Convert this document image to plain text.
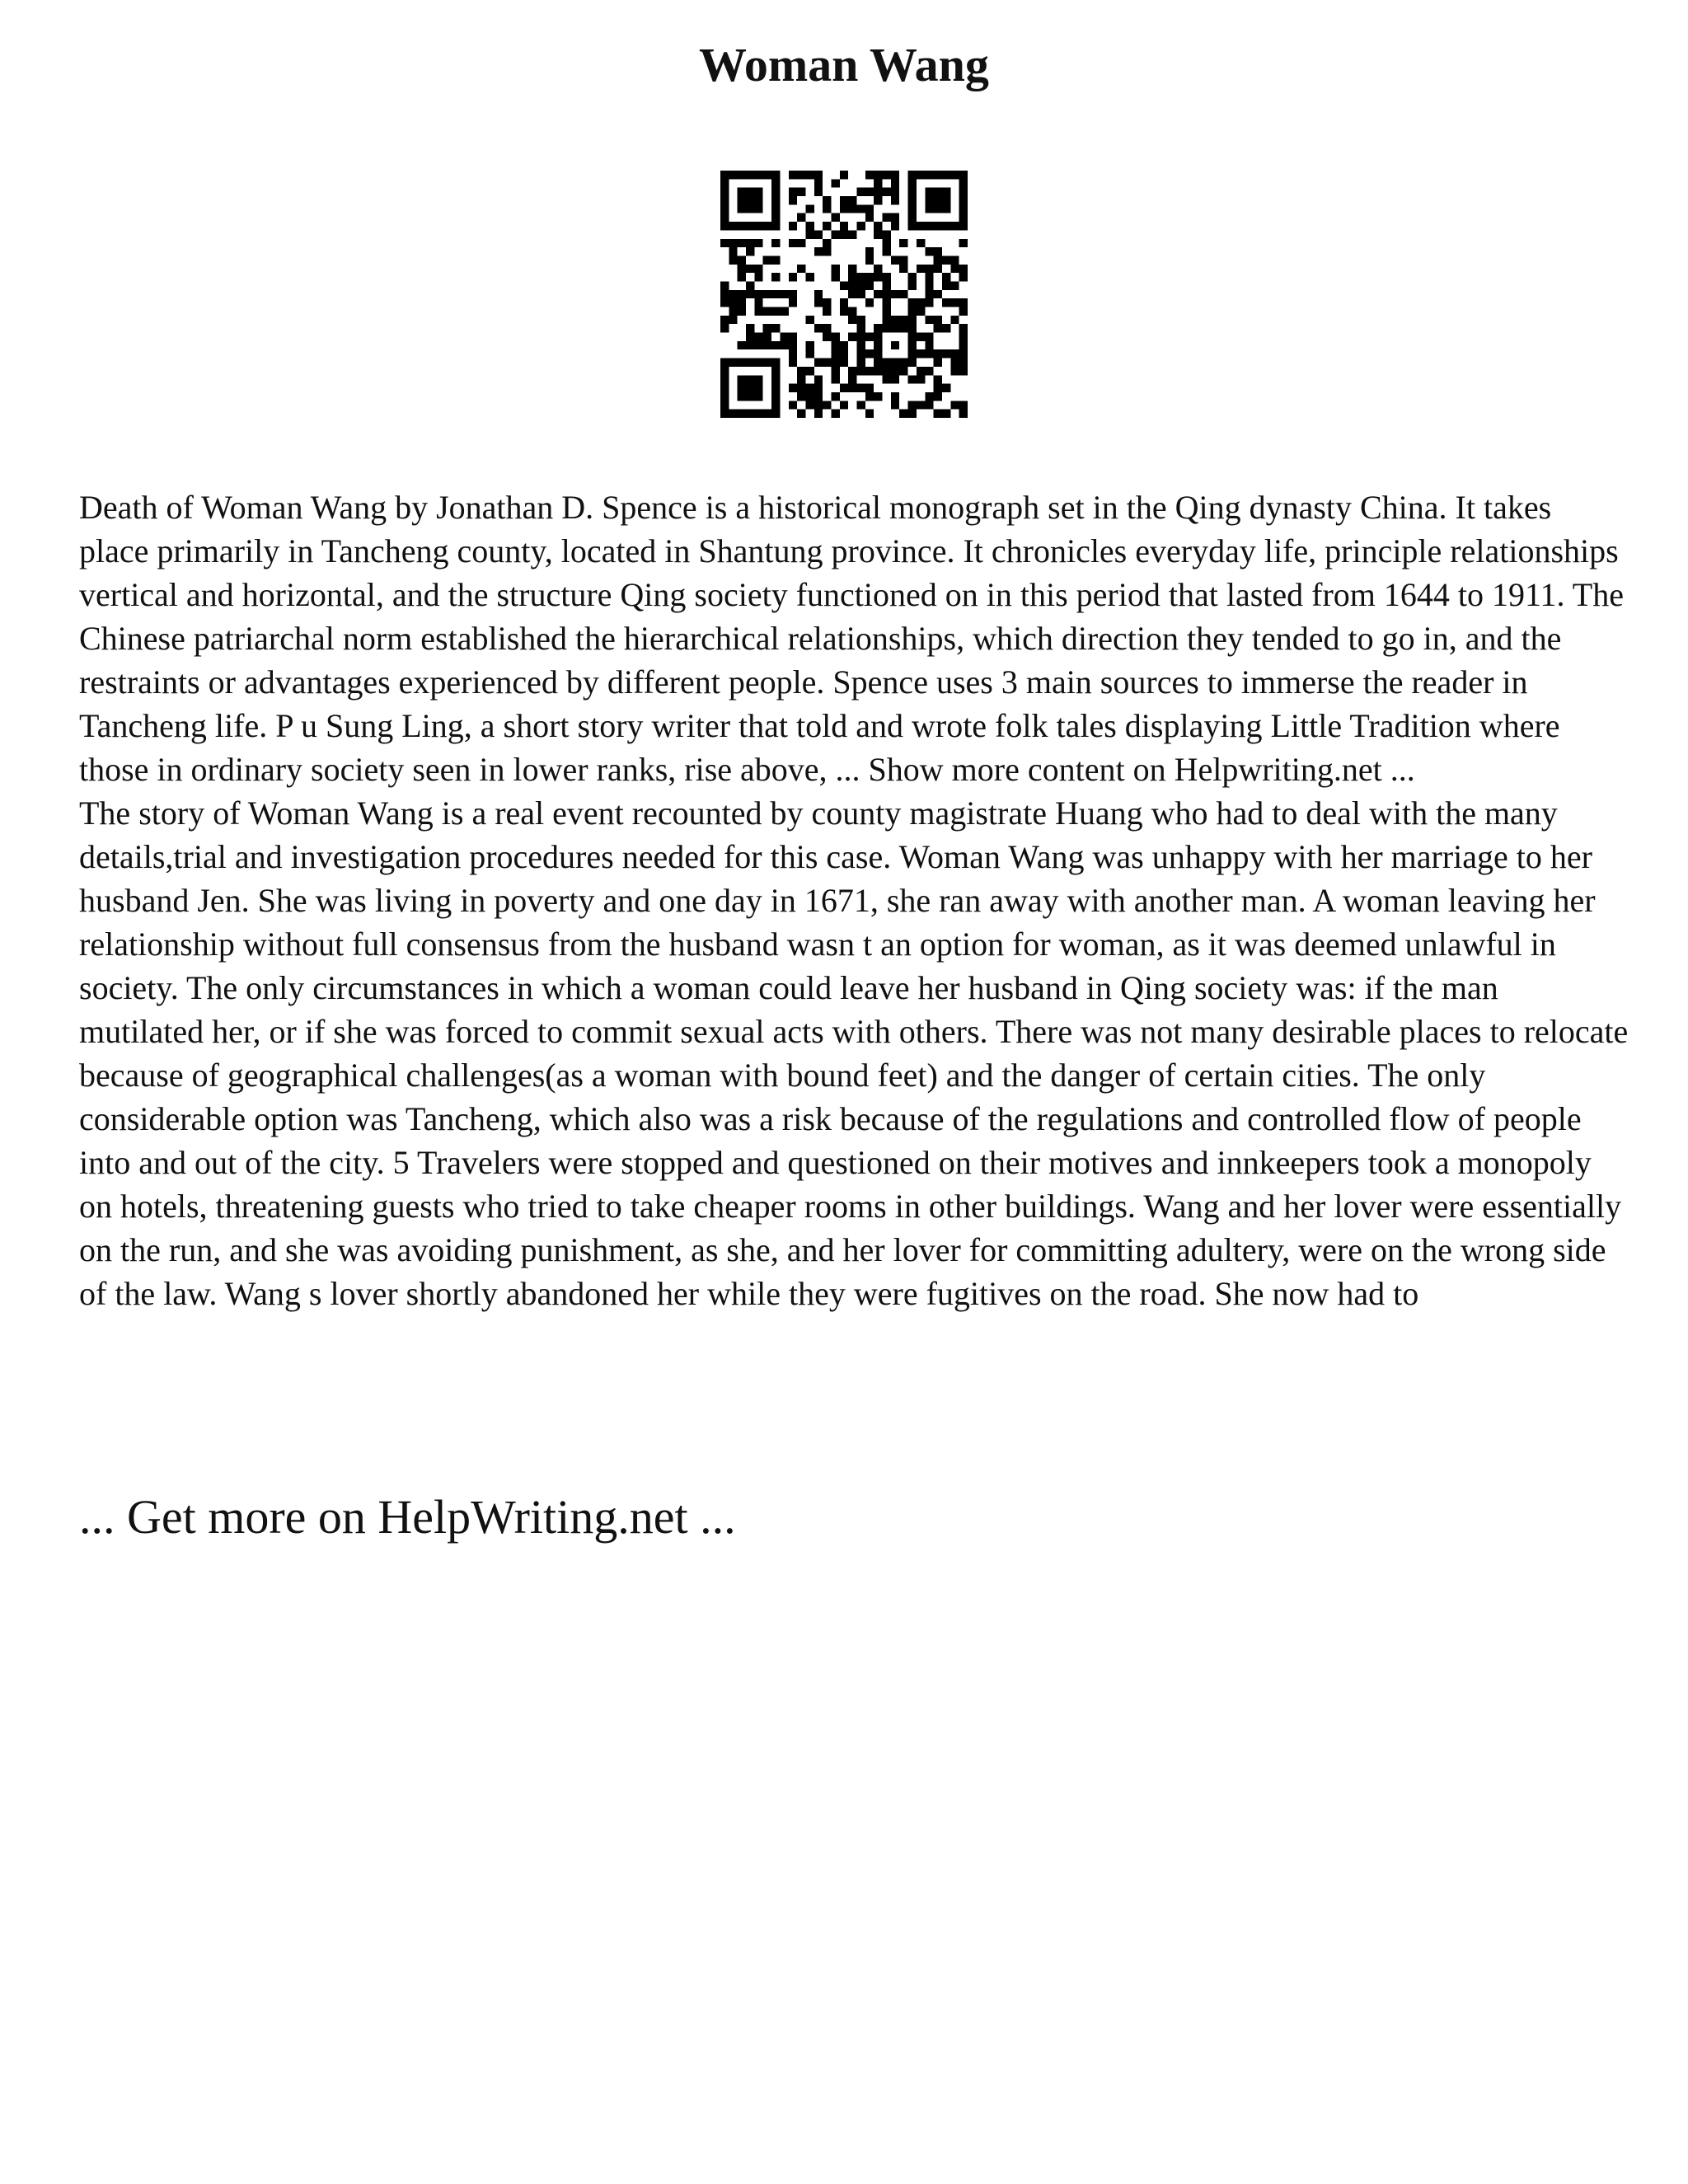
Woman Wang

Death of Woman Wang by Jonathan D. Spence is a historical monograph set in the Qing dynasty China. It takes place primarily in Tancheng county, located in Shantung province. It chronicles everyday life, principle relationships vertical and horizontal, and the structure Qing society functioned on in this period that lasted from 1644 to 1911. The Chinese patriarchal norm established the hierarchical relationships, which direction they tended to go in, and the restraints or advantages experienced by different people. Spence uses 3 main sources to immerse the reader in Tancheng life. P u Sung Ling, a short story writer that told and wrote folk tales displaying Little Tradition where those in ordinary society seen in lower ranks, rise above, ... Show more content on Helpwriting.net ...

The story of Woman Wang is a real event recounted by county magistrate Huang who had to deal with the many details,trial and investigation procedures needed for this case. Woman Wang was unhappy with her marriage to her husband Jen. She was living in poverty and one day in 1671, she ran away with another man. A woman leaving her relationship without full consensus from the husband wasn t an option for woman, as it was deemed unlawful in society. The only circumstances in which a woman could leave her husband in Qing society was: if the man mutilated her, or if she was forced to commit sexual acts with others. There was not many desirable places to relocate because of geographical challenges(as a woman with bound feet) and the danger of certain cities. The only considerable option was Tancheng, which also was a risk because of the regulations and controlled flow of people into and out of the city. 5 Travelers were stopped and questioned on their motives and innkeepers took a monopoly on hotels, threatening guests who tried to take cheaper rooms in other buildings. Wang and her lover were essentially on the run, and she was avoiding punishment, as she, and her lover for committing adultery, were on the wrong side of the law. Wang s lover shortly abandoned her while they were fugitives on the road. She now had to

... Get more on HelpWriting.net ...
